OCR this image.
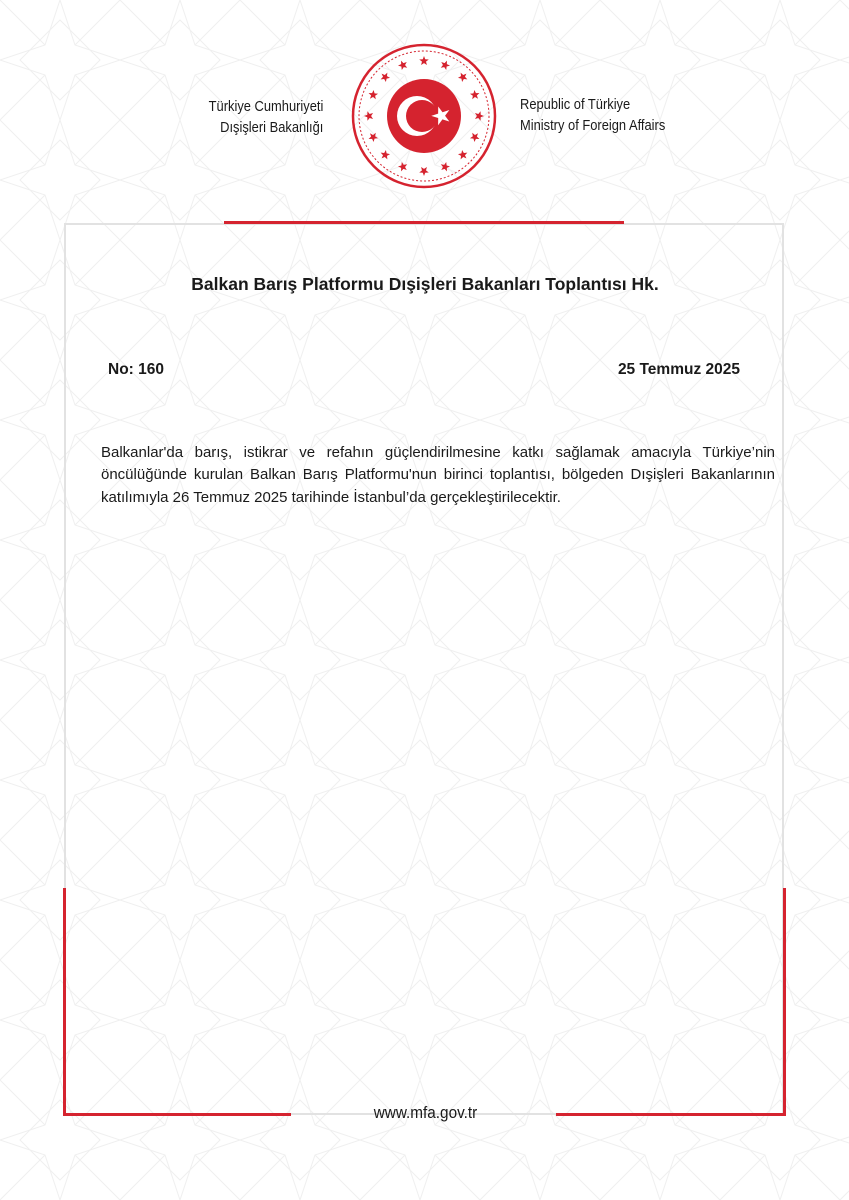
Türkiye Cumhuriyeti
Dışişleri Bakanlığı
Republic of Türkiye
Ministry of Foreign Affairs
Balkan Barış Platformu Dışişleri Bakanları Toplantısı Hk.
No: 160	25 Temmuz 2025
Balkanlar'da barış, istikrar ve refahın güçlendirilmesine katkı sağlamak amacıyla Türkiye’nin öncülüğünde kurulan Balkan Barış Platformu'nun birinci toplantısı, bölgeden Dışişleri Bakanlarının katılımıyla 26 Temmuz 2025 tarihinde İstanbul’da gerçekleştirilecektir.
www.mfa.gov.tr
